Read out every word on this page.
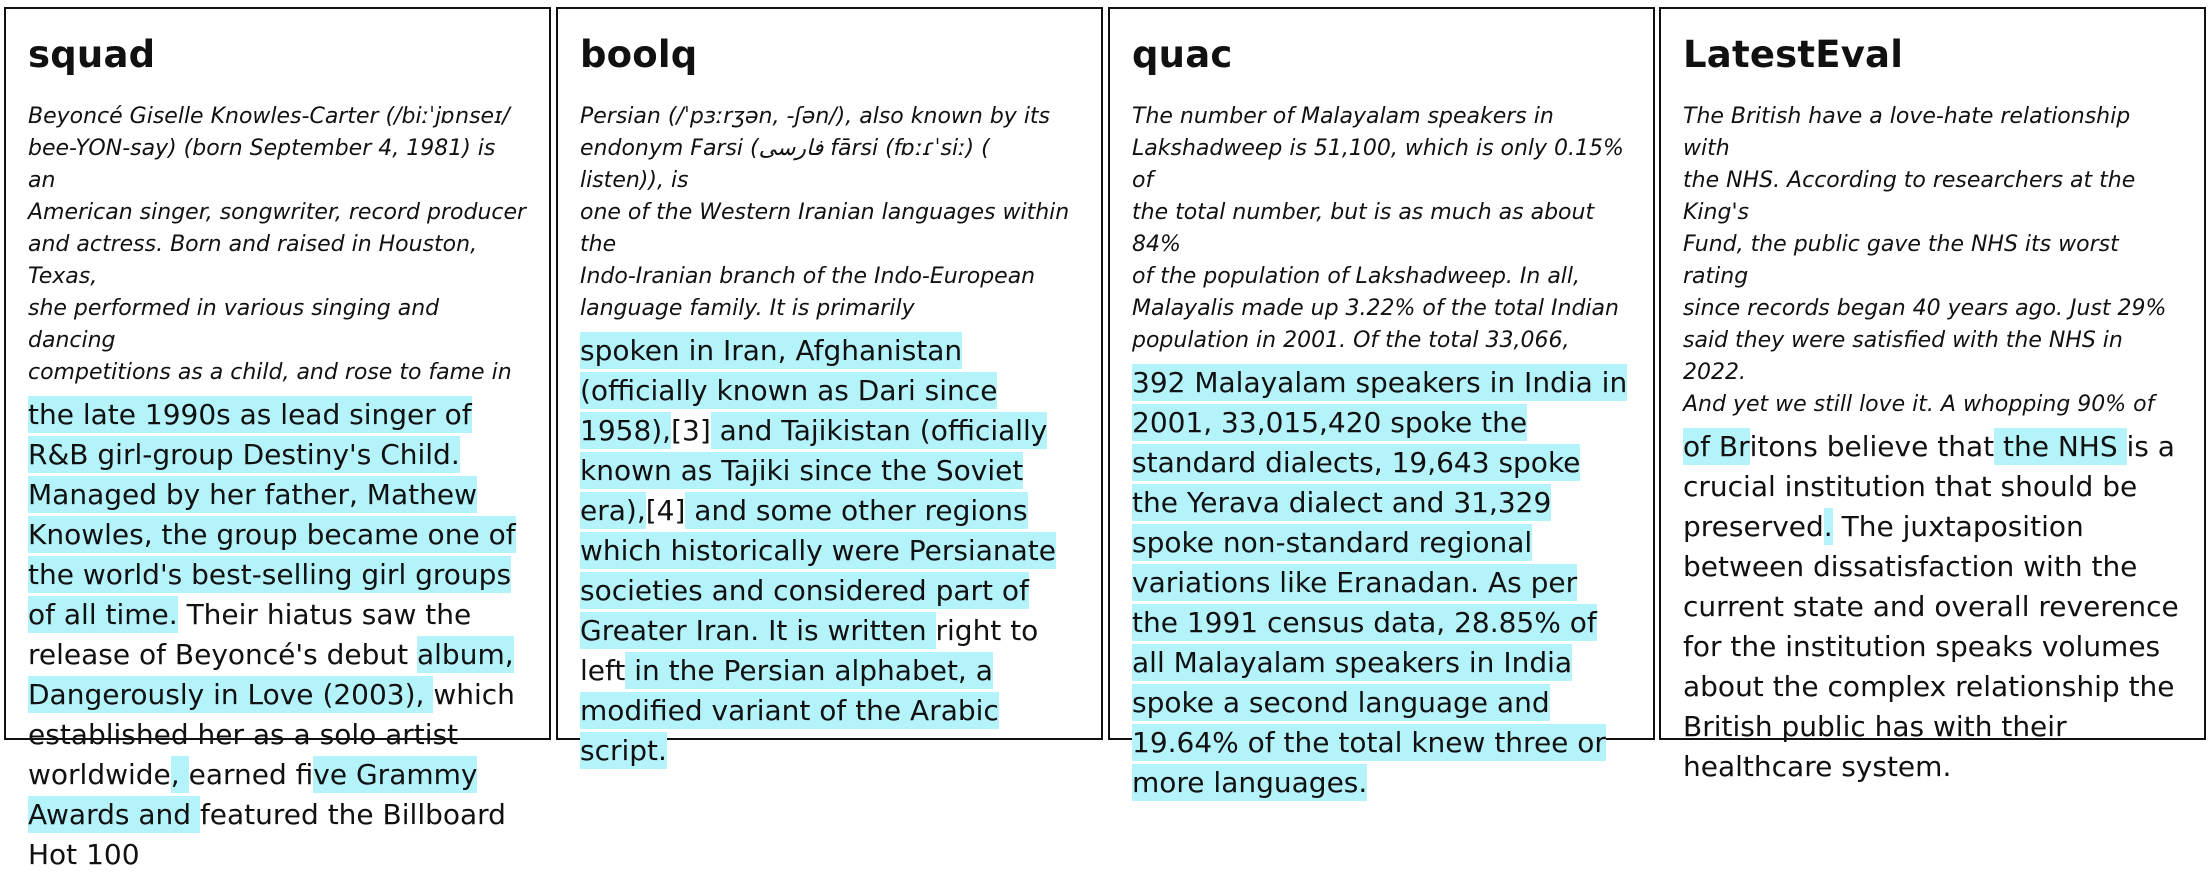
squad

Beyoncé Giselle Knowles-Carter (/biːˈjɒnseɪ/
bee-YON-say) (born September 4, 1981) is an
American singer, songwriter, record producer
and actress. Born and raised in Houston, Texas,
she performed in various singing and dancing
competitions as a child, and rose to fame in

the late 1990s as lead singer of R&B girl-group Destiny's Child. Managed by her father, Mathew Knowles, the group became one of the world's best-selling girl groups of all time. Their hiatus saw the release of Beyoncé's debut album, Dangerously in Love (2003), which established her as a solo artist worldwide, earned five Grammy Awards and featured the Billboard Hot 100

boolq

Persian (/ˈpɜːrʒən, -ʃən/), also known by its
endonym Farsi (فارسی fārsi (fɒːɾˈsiː) ( listen)), is
one of the Western Iranian languages within the
Indo-Iranian branch of the Indo-European
language family. It is primarily

spoken in Iran, Afghanistan (officially known as Dari since 1958),[3] and Tajikistan (officially known as Tajiki since the Soviet era),[4] and some other regions which historically were Persianate societies and considered part of Greater Iran. It is written right to left in the Persian alphabet, a modified variant of the Arabic script.

quac

The number of Malayalam speakers in
Lakshadweep is 51,100, which is only 0.15% of
the total number, but is as much as about 84%
of the population of Lakshadweep. In all,
Malayalis made up 3.22% of the total Indian
population in 2001. Of the total 33,066,

392 Malayalam speakers in India in 2001, 33,015,420 spoke the standard dialects, 19,643 spoke the Yerava dialect and 31,329 spoke non-standard regional variations like Eranadan. As per the 1991 census data, 28.85% of all Malayalam speakers in India spoke a second language and 19.64% of the total knew three or more languages.

LatestEval

The British have a love-hate relationship with
the NHS. According to researchers at the King's
Fund, the public gave the NHS its worst rating
since records began 40 years ago. Just 29%
said they were satisfied with the NHS in 2022.
And yet we still love it. A whopping 90% of

of Britons believe that the NHS is a crucial institution that should be preserved. The juxtaposition between dissatisfaction with the current state and overall reverence for the institution speaks volumes about the complex relationship the British public has with their healthcare system.
